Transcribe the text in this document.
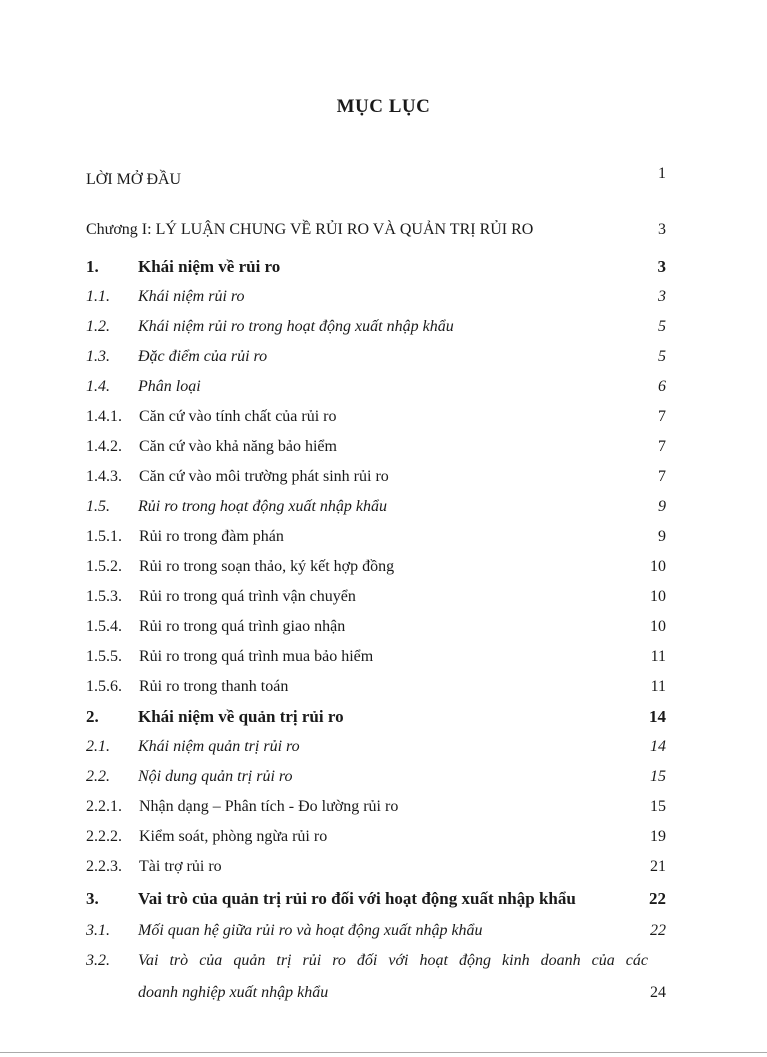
MỤC LỤC
LỜI MỞ ĐẦU	1
Chương I: LÝ LUẬN CHUNG VỀ RỦI RO VÀ QUẢN TRỊ RỦI RO	3
1. Khái niệm về rủi ro	3
1.1. Khái niệm rủi ro	3
1.2. Khái niệm rủi ro trong hoạt động xuất nhập khẩu	5
1.3. Đặc điểm của rủi ro	5
1.4. Phân loại	6
1.4.1. Căn cứ vào tính chất của rủi ro	7
1.4.2. Căn cứ vào khả năng bảo hiểm	7
1.4.3. Căn cứ vào môi trường phát sinh rủi ro	7
1.5. Rủi ro trong hoạt động xuất nhập khẩu	9
1.5.1. Rủi ro trong đàm phán	9
1.5.2. Rủi ro trong soạn thảo, ký kết hợp đồng	10
1.5.3. Rủi ro trong quá trình vận chuyển	10
1.5.4. Rủi ro trong quá trình giao nhận	10
1.5.5. Rủi ro trong quá trình mua bảo hiểm	11
1.5.6. Rủi ro trong thanh toán	11
2. Khái niệm về quản trị rủi ro	14
2.1. Khái niệm quản trị rủi ro	14
2.2. Nội dung quản trị rủi ro	15
2.2.1. Nhận dạng – Phân tích - Đo lường rủi ro	15
2.2.2. Kiểm soát, phòng ngừa rủi ro	19
2.2.3. Tài trợ rủi ro	21
3. Vai trò của quản trị rủi ro đối với hoạt động xuất nhập khẩu	22
3.1. Mối quan hệ giữa rủi ro và hoạt động xuất nhập khẩu	22
3.2. Vai trò của quản trị rủi ro đối với hoạt động kinh doanh của các
doanh nghiệp xuất nhập khẩu	24
